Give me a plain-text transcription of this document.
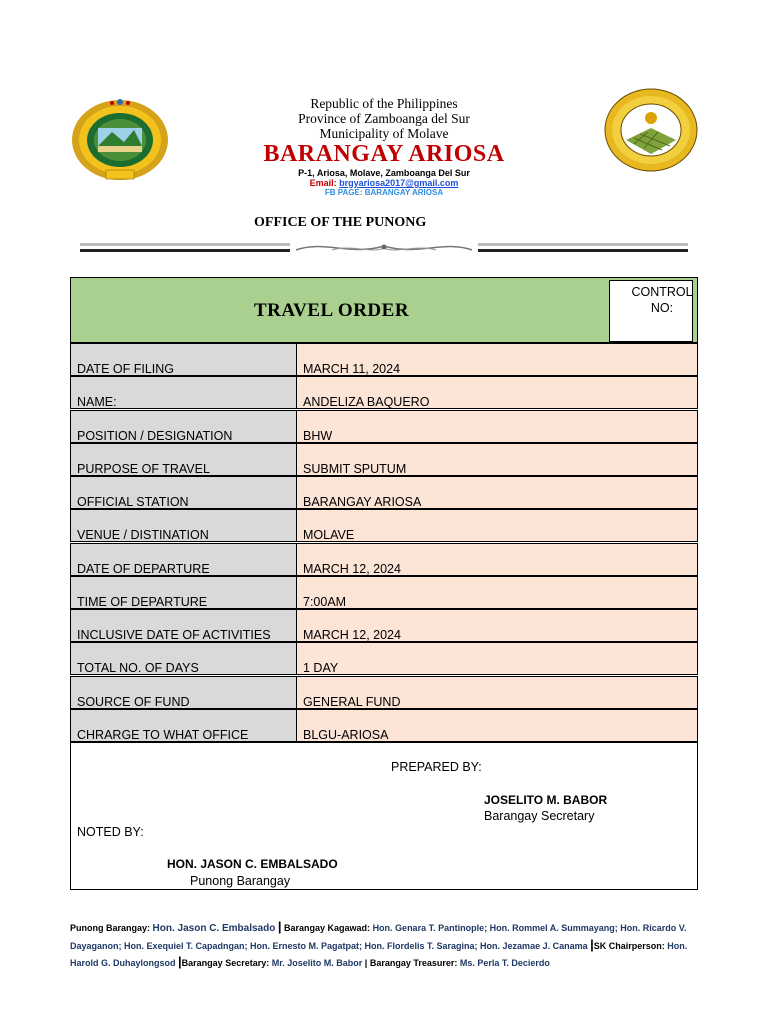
Republic of the Philippines
Province of Zamboanga del Sur
Municipality of Molave
BARANGAY ARIOSA
P-1, Ariosa, Molave, Zamboanga Del Sur
Email: brgyariosa2017@gmail.com
FB PAGE: BARANGAY ARIOSA
OFFICE OF THE PUNONG
TRAVEL ORDER
CONTROL
NO:
DATE OF FILING	MARCH 11, 2024
NAME:	ANDELIZA BAQUERO
POSITION / DESIGNATION	BHW
PURPOSE OF TRAVEL	SUBMIT SPUTUM
OFFICIAL STATION	BARANGAY ARIOSA
VENUE / DISTINATION	MOLAVE
DATE OF DEPARTURE	MARCH 12, 2024
TIME OF DEPARTURE	7:00AM
INCLUSIVE DATE OF ACTIVITIES	MARCH 12, 2024
TOTAL NO. OF DAYS	1 DAY
SOURCE OF FUND	GENERAL FUND
CHRARGE TO WHAT OFFICE	BLGU-ARIOSA
PREPARED BY:
JOSELITO M. BABOR
Barangay Secretary
NOTED BY:
HON. JASON C. EMBALSADO
Punong Barangay
Punong Barangay: Hon. Jason C. Embalsado | Barangay Kagawad: Hon. Genara T. Pantinople; Hon. Rommel A. Summayang; Hon. Ricardo V.
Dayaganon; Hon. Exequiel T. Capadngan; Hon. Ernesto M. Pagatpat; Hon. Flordelis T. Saragina; Hon. Jezamae J. Canama |SK Chairperson: Hon.
Harold G. Duhaylongsod |Barangay Secretary: Mr. Joselito M. Babor | Barangay Treasurer: Ms. Perla T. Decierdo
